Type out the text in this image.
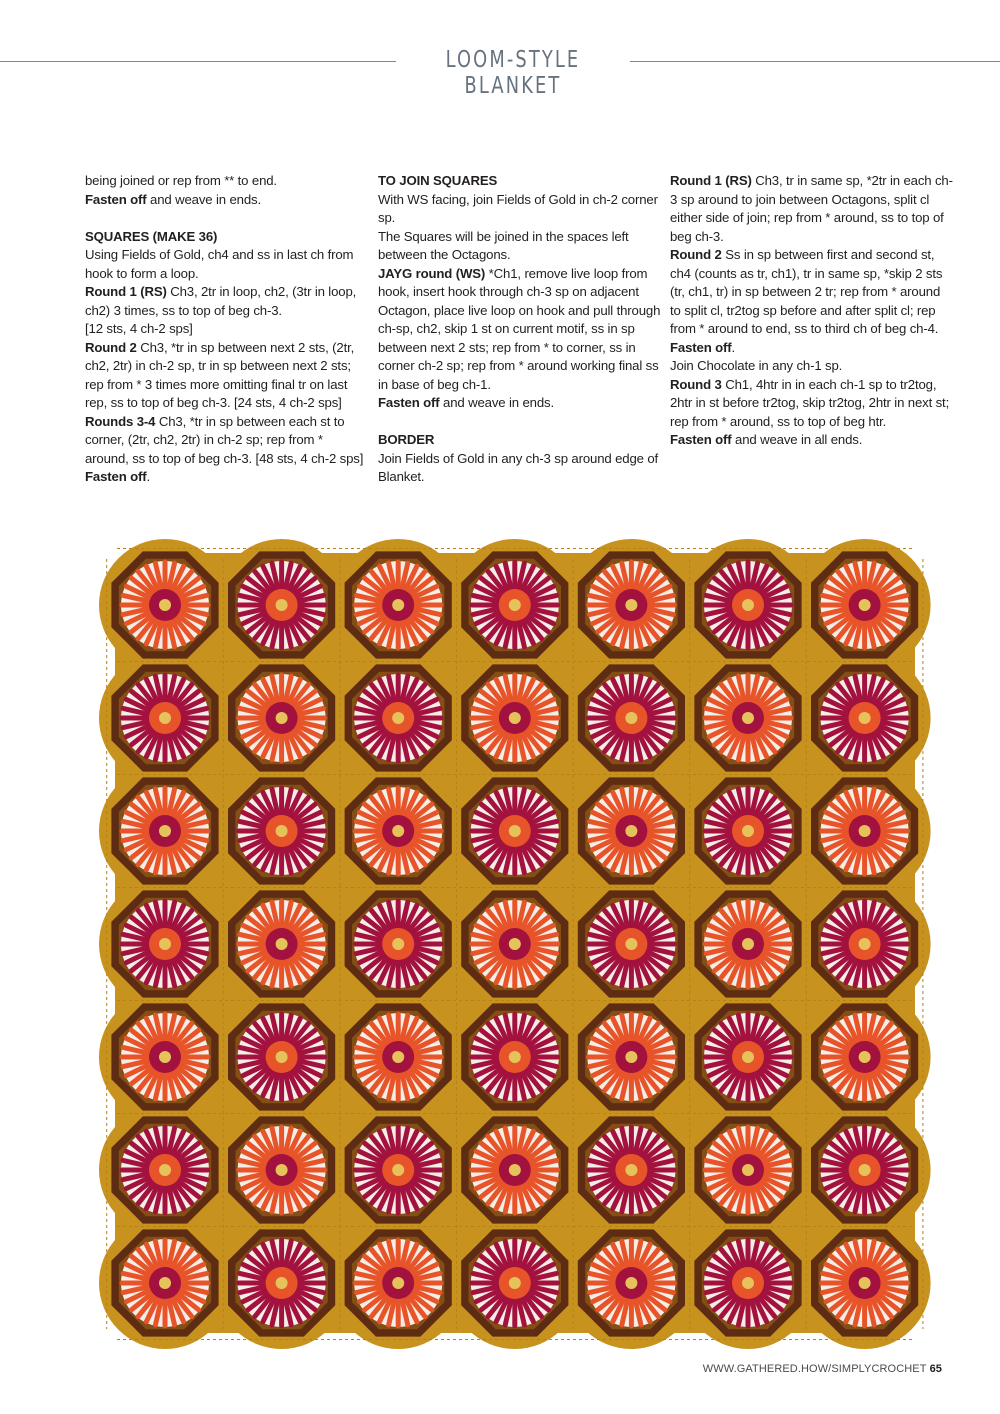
LOOM-STYLE BLANKET

being joined or rep from ** to end.

Fasten off and weave in ends.

SQUARES (MAKE 36)

Using Fields of Gold, ch4 and ss in last ch from hook to form a loop.

Round 1 (RS) Ch3, 2tr in loop, ch2, (3tr in loop, ch2) 3 times, ss to top of beg ch-3.

[12 sts, 4 ch-2 sps]

Round 2 Ch3, *tr in sp between next 2 sts, (2tr, ch2, 2tr) in ch-2 sp, tr in sp between next 2 sts; rep from * 3 times more omitting final tr on last rep, ss to top of beg ch-3. [24 sts, 4 ch-2 sps]

Rounds 3-4 Ch3, *tr in sp between each st to corner, (2tr, ch2, 2tr) in ch-2 sp; rep from * around, ss to top of beg ch-3. [48 sts, 4 ch-2 sps]

Fasten off.

TO JOIN SQUARES

With WS facing, join Fields of Gold in ch-2 corner sp.

The Squares will be joined in the spaces left between the Octagons.

JAYG round (WS) *Ch1, remove live loop from hook, insert hook through ch-3 sp on adjacent Octagon, place live loop on hook and pull through ch-sp, ch2, skip 1 st on current motif, ss in sp between next 2 sts; rep from * to corner, ss in corner ch-2 sp; rep from * around working final ss in base of beg ch-1.

Fasten off and weave in ends.

BORDER

Join Fields of Gold in any ch-3 sp around edge of Blanket.

Round 1 (RS) Ch3, tr in same sp, *2tr in each ch-3 sp around to join between Octagons, split cl either side of join; rep from * around, ss to top of beg ch-3.

Round 2 Ss in sp between first and second st, ch4 (counts as tr, ch1), tr in same sp, *skip 2 sts (tr, ch1, tr) in sp between 2 tr; rep from * around to split cl, tr2tog sp before and after split cl; rep from * around to end, ss to third ch of beg ch-4.

Fasten off.

Join Chocolate in any ch-1 sp.

Round 3 Ch1, 4htr in in each ch-1 sp to tr2tog, 2htr in st before tr2tog, skip tr2tog, 2htr in next st; rep from * around, ss to top of beg htr.

Fasten off and weave in all ends.

WWW.GATHERED.HOW/SIMPLYCROCHET 65
